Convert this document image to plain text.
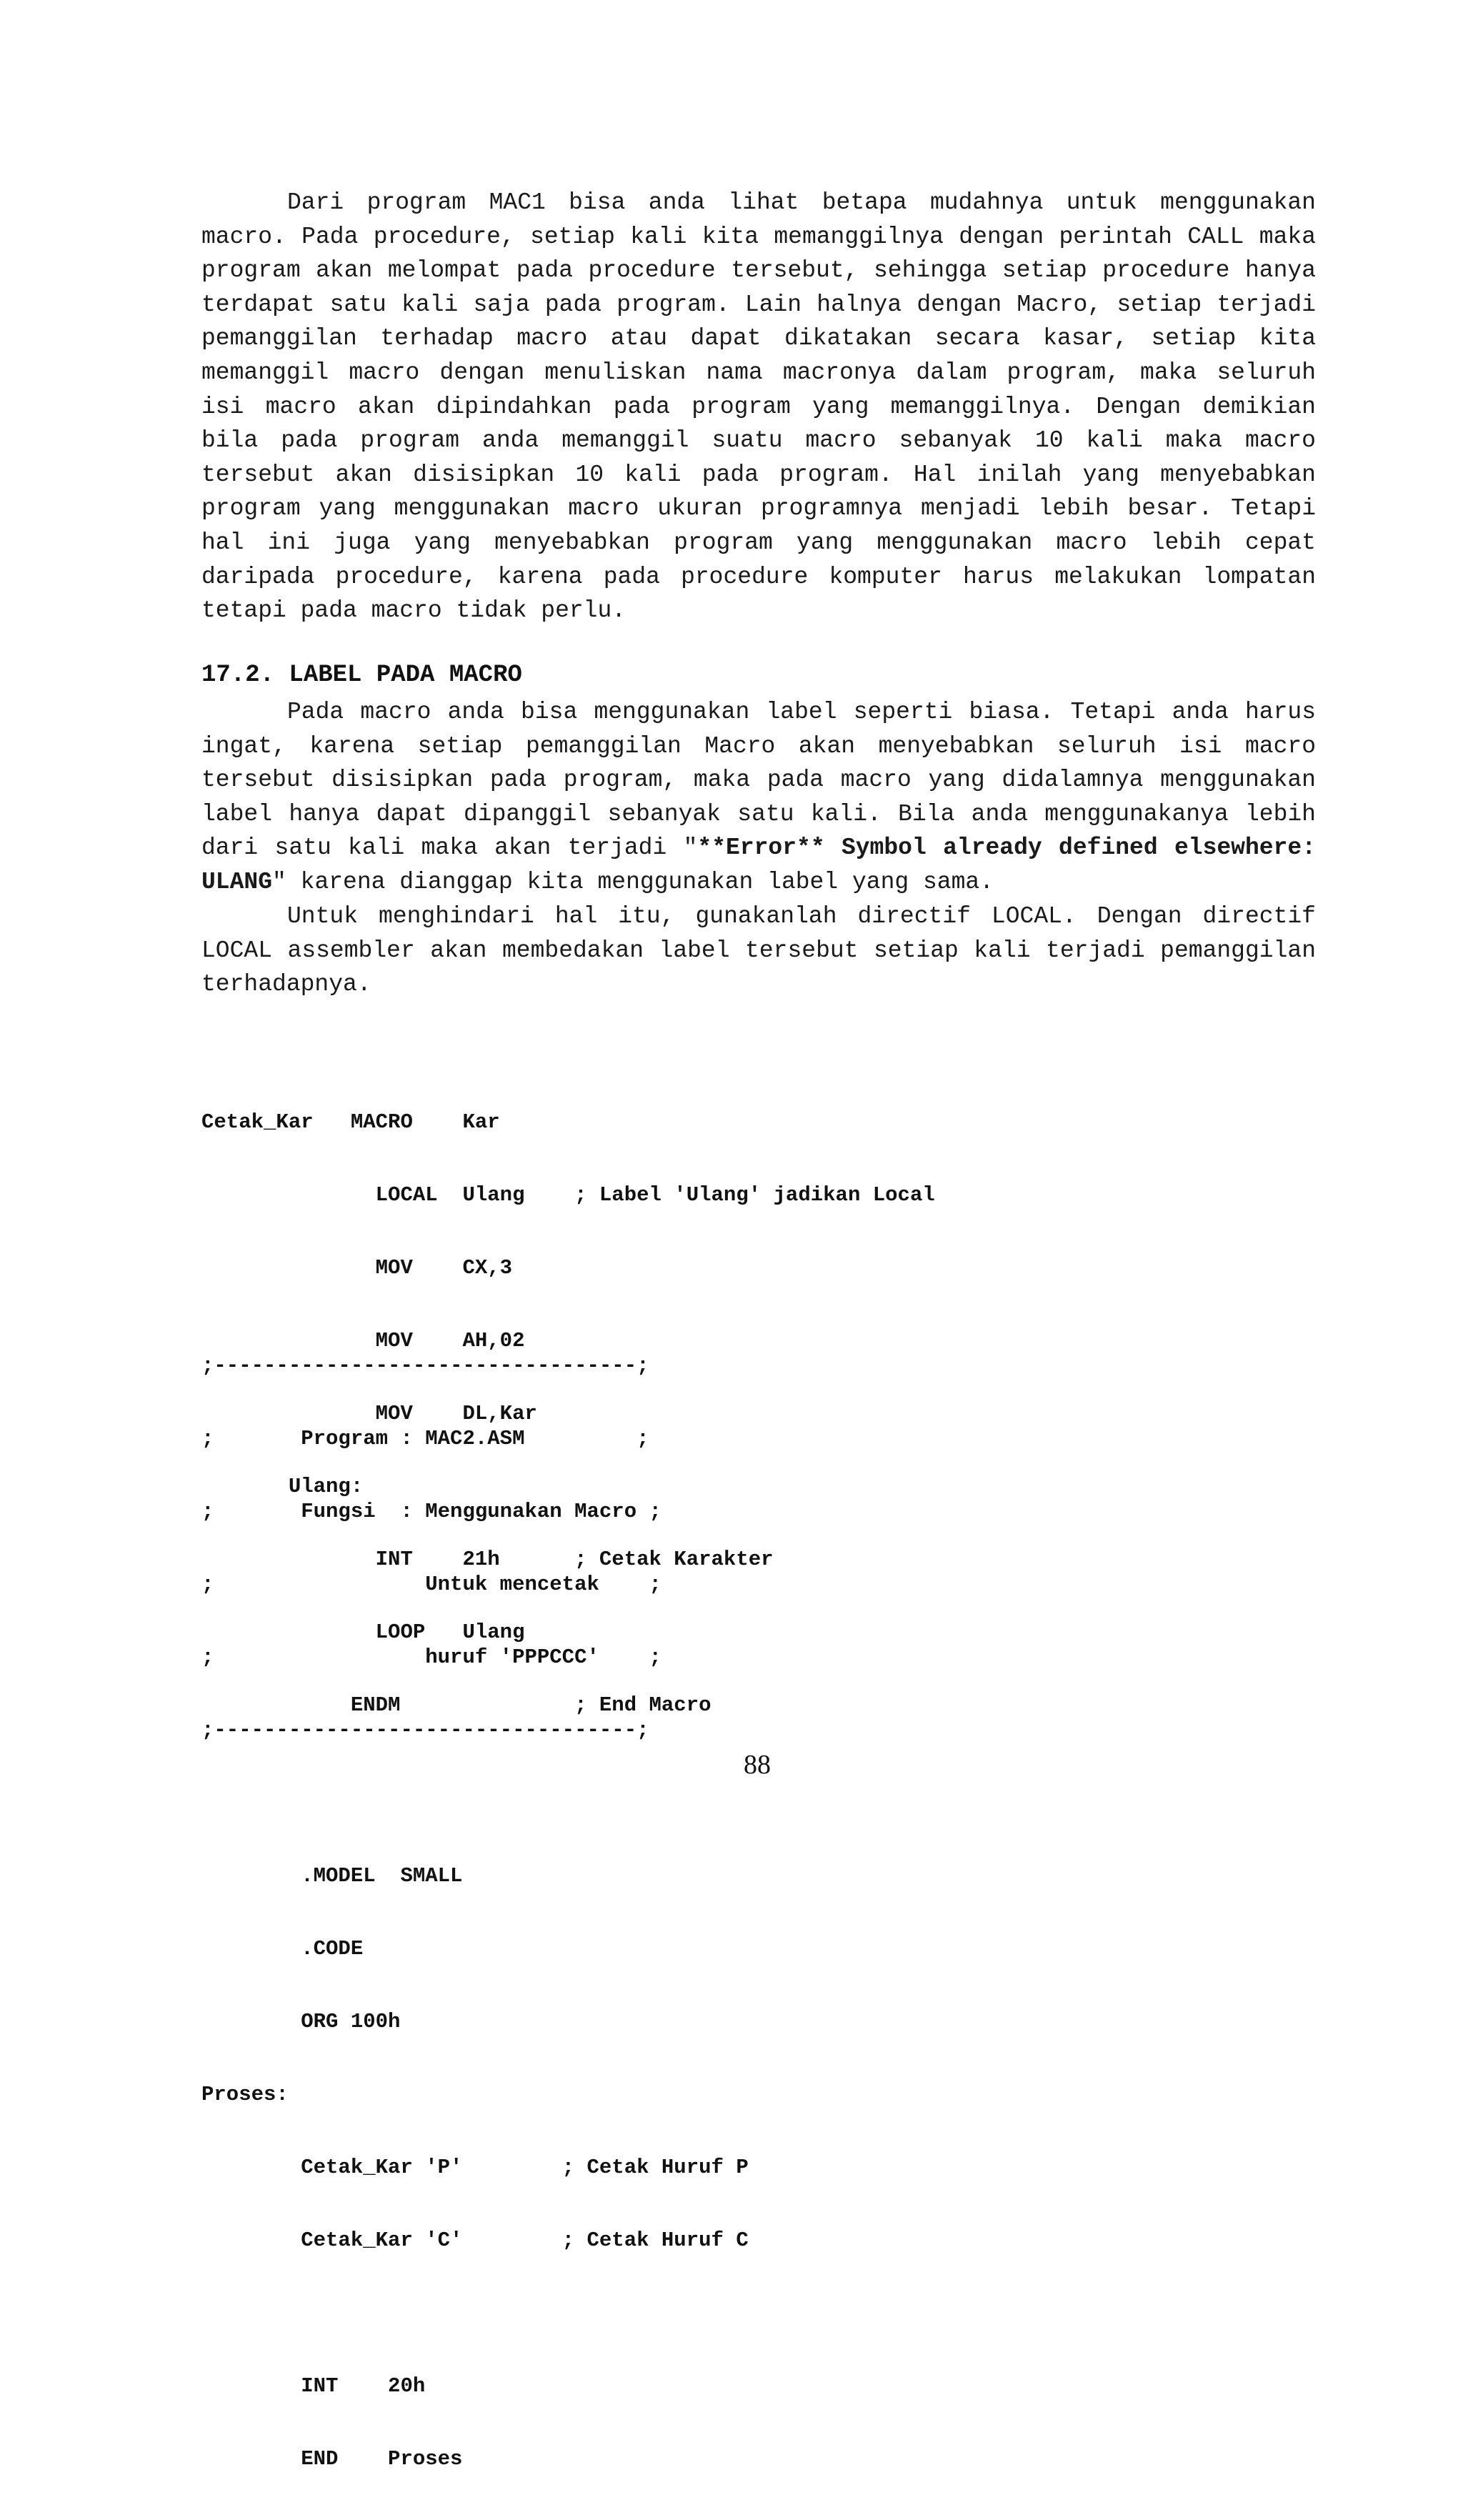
Dari program MAC1 bisa anda lihat betapa mudahnya untuk menggunakan
macro. Pada procedure, setiap kali kita memanggilnya dengan perintah CALL maka
program akan melompat pada procedure tersebut, sehingga setiap procedure hanya
terdapat satu kali saja pada program. Lain halnya dengan Macro, setiap terjadi
pemanggilan terhadap macro atau dapat dikatakan secara kasar, setiap kita
memanggil macro dengan menuliskan nama macronya dalam program, maka seluruh
isi macro akan dipindahkan pada program yang memanggilnya. Dengan demikian
bila pada program anda memanggil suatu macro sebanyak 10 kali maka macro
tersebut akan disisipkan 10 kali pada program. Hal inilah yang menyebabkan
program yang menggunakan macro ukuran programnya menjadi lebih besar. Tetapi
hal ini juga yang menyebabkan program yang menggunakan macro lebih cepat
daripada procedure, karena pada procedure komputer harus melakukan lompatan
tetapi pada macro tidak perlu.
17.2. LABEL PADA MACRO
Pada macro anda bisa menggunakan label seperti biasa. Tetapi anda harus
ingat, karena setiap pemanggilan Macro akan menyebabkan seluruh isi macro
tersebut disisipkan pada program, maka pada macro yang didalamnya menggunakan
label hanya dapat dipanggil sebanyak satu kali. Bila anda menggunakanya lebih
dari satu kali maka akan terjadi "**Error** Symbol already defined elsewhere:
ULANG" karena dianggap kita menggunakan label yang sama.
Untuk menghindari hal itu, gunakanlah directif LOCAL. Dengan directif
LOCAL assembler akan membedakan label tersebut setiap kali terjadi pemanggilan
terhadapnya.

Cetak_Kar   MACRO    Kar

LOCAL  Ulang    ; Label 'Ulang' jadikan Local

MOV    CX,3

MOV    AH,02

MOV    DL,Kar

Ulang:

INT    21h      ; Cetak Karakter

LOOP   Ulang

ENDM              ; End Macro

;----------------------------------;

;       Program : MAC2.ASM         ;

;       Fungsi  : Menggunakan Macro ;

;                 Untuk mencetak    ;

;                 huruf 'PPPCCC'    ;

;----------------------------------;

.MODEL  SMALL

.CODE

ORG 100h

Proses:

Cetak_Kar 'P'        ; Cetak Huruf P

Cetak_Kar 'C'        ; Cetak Huruf C

INT    20h

END    Proses

88
